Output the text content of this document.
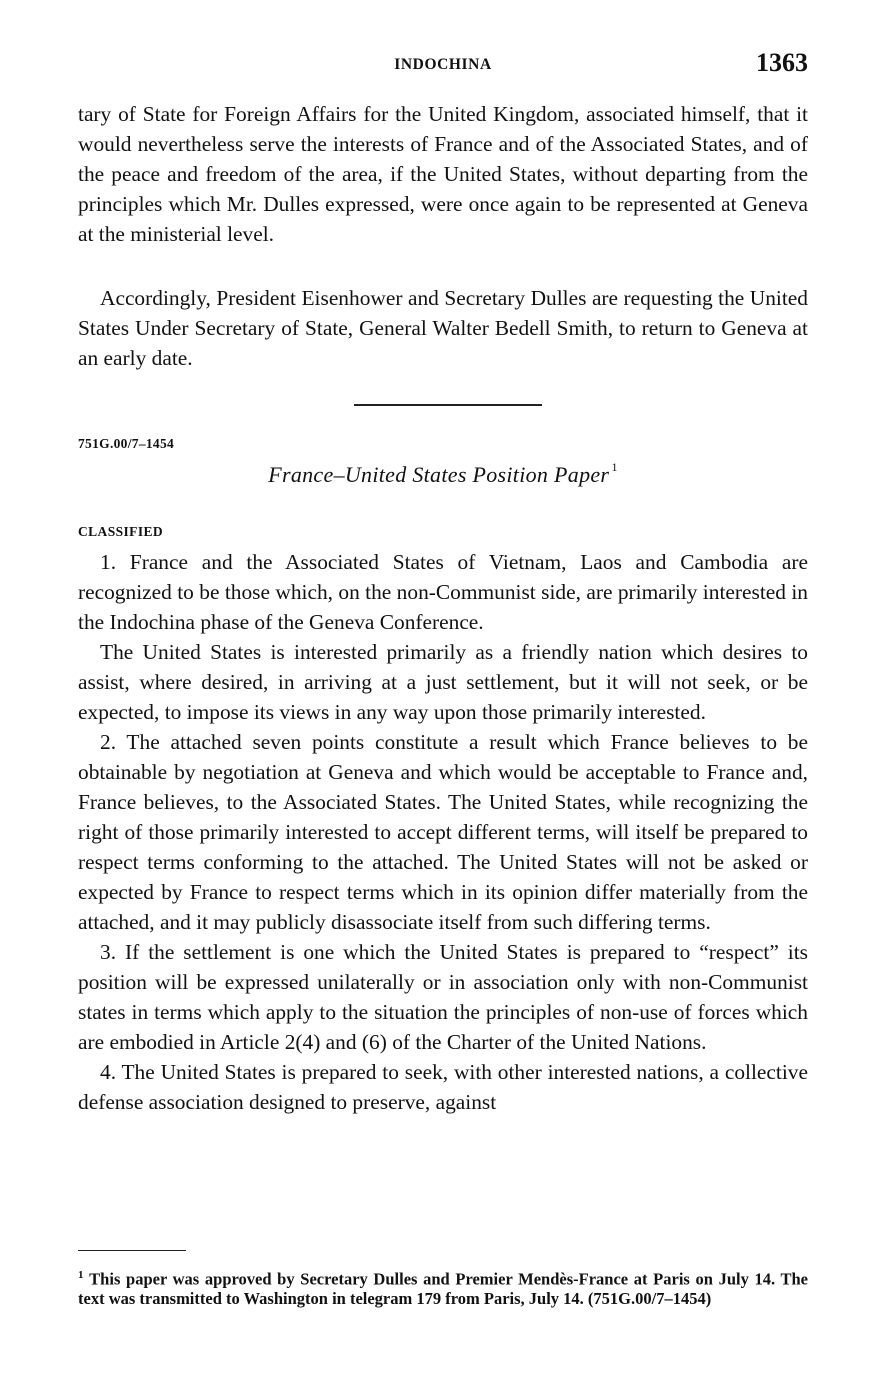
INDOCHINA	1363

tary of State for Foreign Affairs for the United Kingdom, associated himself, that it would nevertheless serve the interests of France and of the Associated States, and of the peace and freedom of the area, if the United States, without departing from the principles which Mr. Dulles expressed, were once again to be represented at Geneva at the ministerial level.

Accordingly, President Eisenhower and Secretary Dulles are requesting the United States Under Secretary of State, General Walter Bedell Smith, to return to Geneva at an early date.

751G.00/7–1454
France–United States Position Paper  $^1$
CLASSIFIED

1. France and the Associated States of Vietnam, Laos and Cambodia are recognized to be those which, on the non-Communist side, are primarily interested in the Indochina phase of the Geneva Conference.

The United States is interested primarily as a friendly nation which desires to assist, where desired, in arriving at a just settlement, but it will not seek, or be expected, to impose its views in any way upon those primarily interested.

2. The attached seven points constitute a result which France believes to be obtainable by negotiation at Geneva and which would be acceptable to France and, France believes, to the Associated States. The United States, while recognizing the right of those primarily interested to accept different terms, will itself be prepared to respect terms conforming to the attached. The United States will not be asked or expected by France to respect terms which in its opinion differ materially from the attached, and it may publicly disassociate itself from such differing terms.

3. If the settlement is one which the United States is prepared to “respect” its position will be expressed unilaterally or in association only with non-Communist states in terms which apply to the situation the principles of non-use of forces which are embodied in Article 2(4) and (6) of the Charter of the United Nations.

4. The United States is prepared to seek, with other interested nations, a collective defense association designed to preserve, against

$^1$ This paper was approved by Secretary Dulles and Premier Mendès-France at Paris on July 14. The text was transmitted to Washington in telegram 179 from Paris, July 14. (751G.00/7–1454)
